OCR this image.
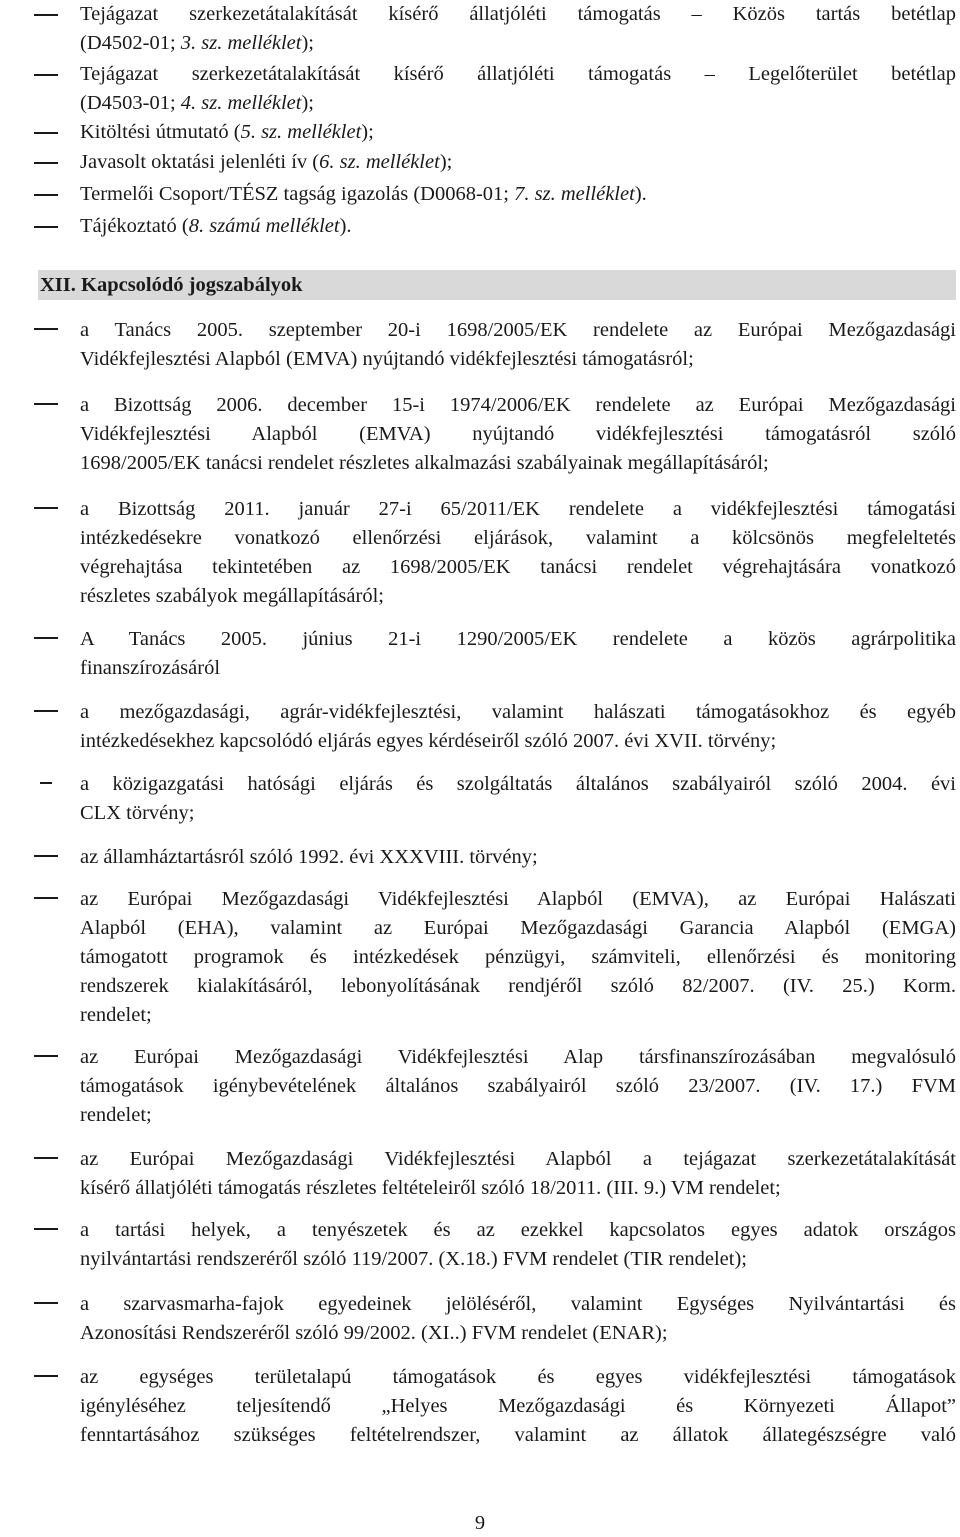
Tejágazat szerkezetátalakítását kísérő állatjóléti támogatás – Közös tartás betétlap
(D4502-01; 3. sz. melléklet);
Tejágazat szerkezetátalakítását kísérő állatjóléti támogatás – Legelőterület betétlap
(D4503-01; 4. sz. melléklet);
Kitöltési útmutató (5. sz. melléklet);
Javasolt oktatási jelenléti ív (6. sz. melléklet);
Termelői Csoport/TÉSZ tagság igazolás (D0068-01; 7. sz. melléklet).
Tájékoztató (8. számú melléklet).
XII. Kapcsolódó jogszabályok
a Tanács 2005. szeptember 20-i 1698/2005/EK rendelete az Európai Mezőgazdasági
Vidékfejlesztési Alapból (EMVA) nyújtandó vidékfejlesztési támogatásról;
a Bizottság 2006. december 15-i 1974/2006/EK rendelete az Európai Mezőgazdasági
Vidékfejlesztési Alapból (EMVA) nyújtandó vidékfejlesztési támogatásról szóló
1698/2005/EK tanácsi rendelet részletes alkalmazási szabályainak megállapításáról;
a Bizottság 2011. január 27-i 65/2011/EK rendelete a vidékfejlesztési támogatási
intézkedésekre vonatkozó ellenőrzési eljárások, valamint a kölcsönös megfeleltetés
végrehajtása tekintetében az 1698/2005/EK tanácsi rendelet végrehajtására vonatkozó
részletes szabályok megállapításáról;
A Tanács 2005. június 21-i 1290/2005/EK rendelete a közös agrárpolitika
finanszírozásáról
a mezőgazdasági, agrár-vidékfejlesztési, valamint halászati támogatásokhoz és egyéb
intézkedésekhez kapcsolódó eljárás egyes kérdéseiről szóló 2007. évi XVII. törvény;
a közigazgatási hatósági eljárás és szolgáltatás általános szabályairól szóló 2004. évi
CLX törvény;
az államháztartásról szóló 1992. évi XXXVIII. törvény;
az Európai Mezőgazdasági Vidékfejlesztési Alapból (EMVA), az Európai Halászati
Alapból (EHA), valamint az Európai Mezőgazdasági Garancia Alapból (EMGA)
támogatott programok és intézkedések pénzügyi, számviteli, ellenőrzési és monitoring
rendszerek kialakításáról, lebonyolításának rendjéről szóló 82/2007. (IV. 25.) Korm.
rendelet;
az Európai Mezőgazdasági Vidékfejlesztési Alap társfinanszírozásában megvalósuló
támogatások igénybevételének általános szabályairól szóló 23/2007. (IV. 17.) FVM
rendelet;
az Európai Mezőgazdasági Vidékfejlesztési Alapból a tejágazat szerkezetátalakítását
kísérő állatjóléti támogatás részletes feltételeiről szóló 18/2011. (III. 9.) VM rendelet;
a tartási helyek, a tenyészetek és az ezekkel kapcsolatos egyes adatok országos
nyilvántartási rendszeréről szóló 119/2007. (X.18.) FVM rendelet (TIR rendelet);
a szarvasmarha-fajok egyedeinek jelöléséről, valamint Egységes Nyilvántartási és
Azonosítási Rendszeréről szóló 99/2002. (XI..) FVM rendelet (ENAR);
az egységes területalapú támogatások és egyes vidékfejlesztési támogatások
igényléséhez teljesítendő „Helyes Mezőgazdasági és Környezeti Állapot”
fenntartásához szükséges feltételrendszer, valamint az állatok állategészségre való
9
